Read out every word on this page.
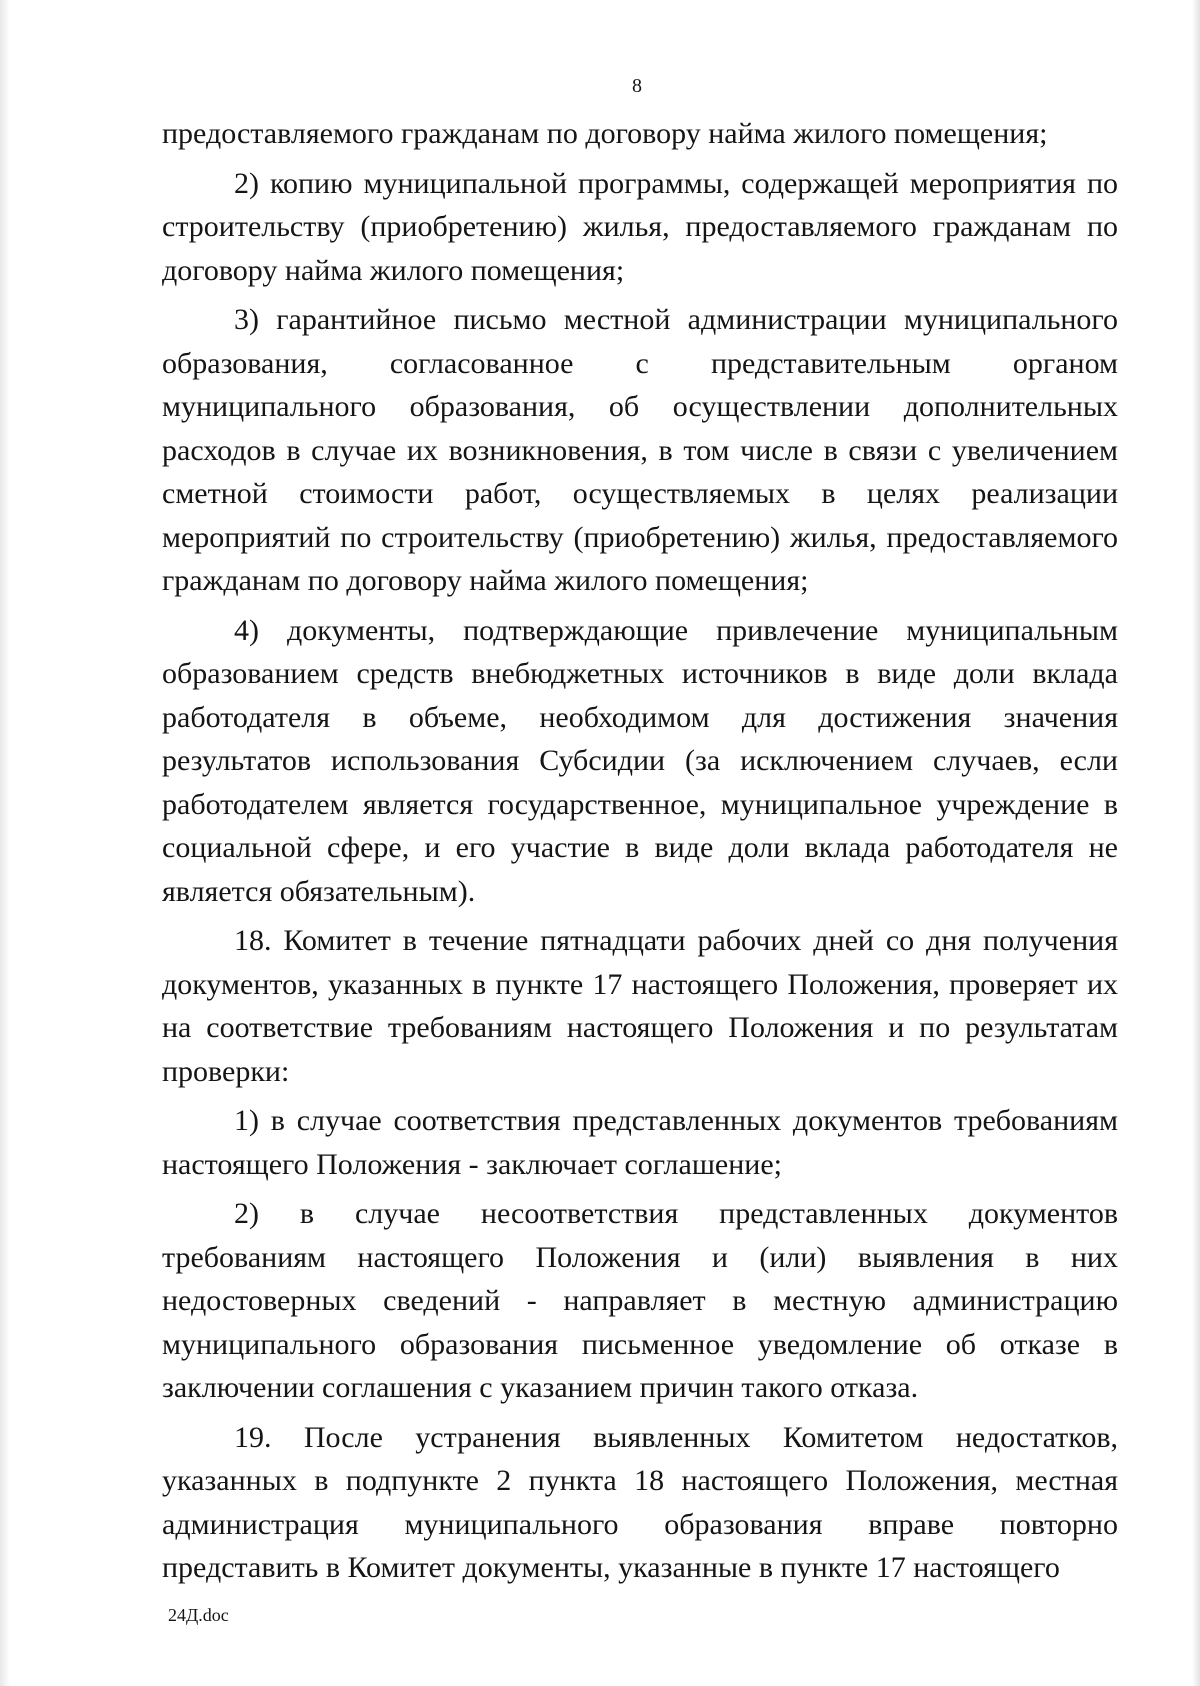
8

предоставляемого гражданам по договору найма жилого помещения;

2) копию муниципальной программы, содержащей мероприятия по строительству (приобретению) жилья, предоставляемого гражданам по договору найма жилого помещения;

3) гарантийное письмо местной администрации муниципального образования, согласованное с представительным органом муниципального образования, об осуществлении дополнительных расходов в случае их возникновения, в том числе в связи с увеличением сметной стоимости работ, осуществляемых в целях реализации мероприятий по строительству (приобретению) жилья, предоставляемого гражданам по договору найма жилого помещения;

4) документы, подтверждающие привлечение муниципальным образованием средств внебюджетных источников в виде доли вклада работодателя в объеме, необходимом для достижения значения результатов использования Субсидии (за исключением случаев, если работодателем является государственное, муниципальное учреждение в социальной сфере, и его участие в виде доли вклада работодателя не является обязательным).

18. Комитет в течение пятнадцати рабочих дней со дня получения документов, указанных в пункте 17 настоящего Положения, проверяет их на соответствие требованиям настоящего Положения и по результатам проверки:

1) в случае соответствия представленных документов требованиям настоящего Положения - заключает соглашение;

2) в случае несоответствия представленных документов требованиям настоящего Положения и (или) выявления в них недостоверных сведений - направляет в местную администрацию муниципального образования письменное уведомление об отказе в заключении соглашения с указанием причин такого отказа.

19. После устранения выявленных Комитетом недостатков, указанных в подпункте 2 пункта 18 настоящего Положения, местная администрация муниципального образования вправе повторно представить в Комитет документы, указанные в пункте 17 настоящего

24Д.doc
